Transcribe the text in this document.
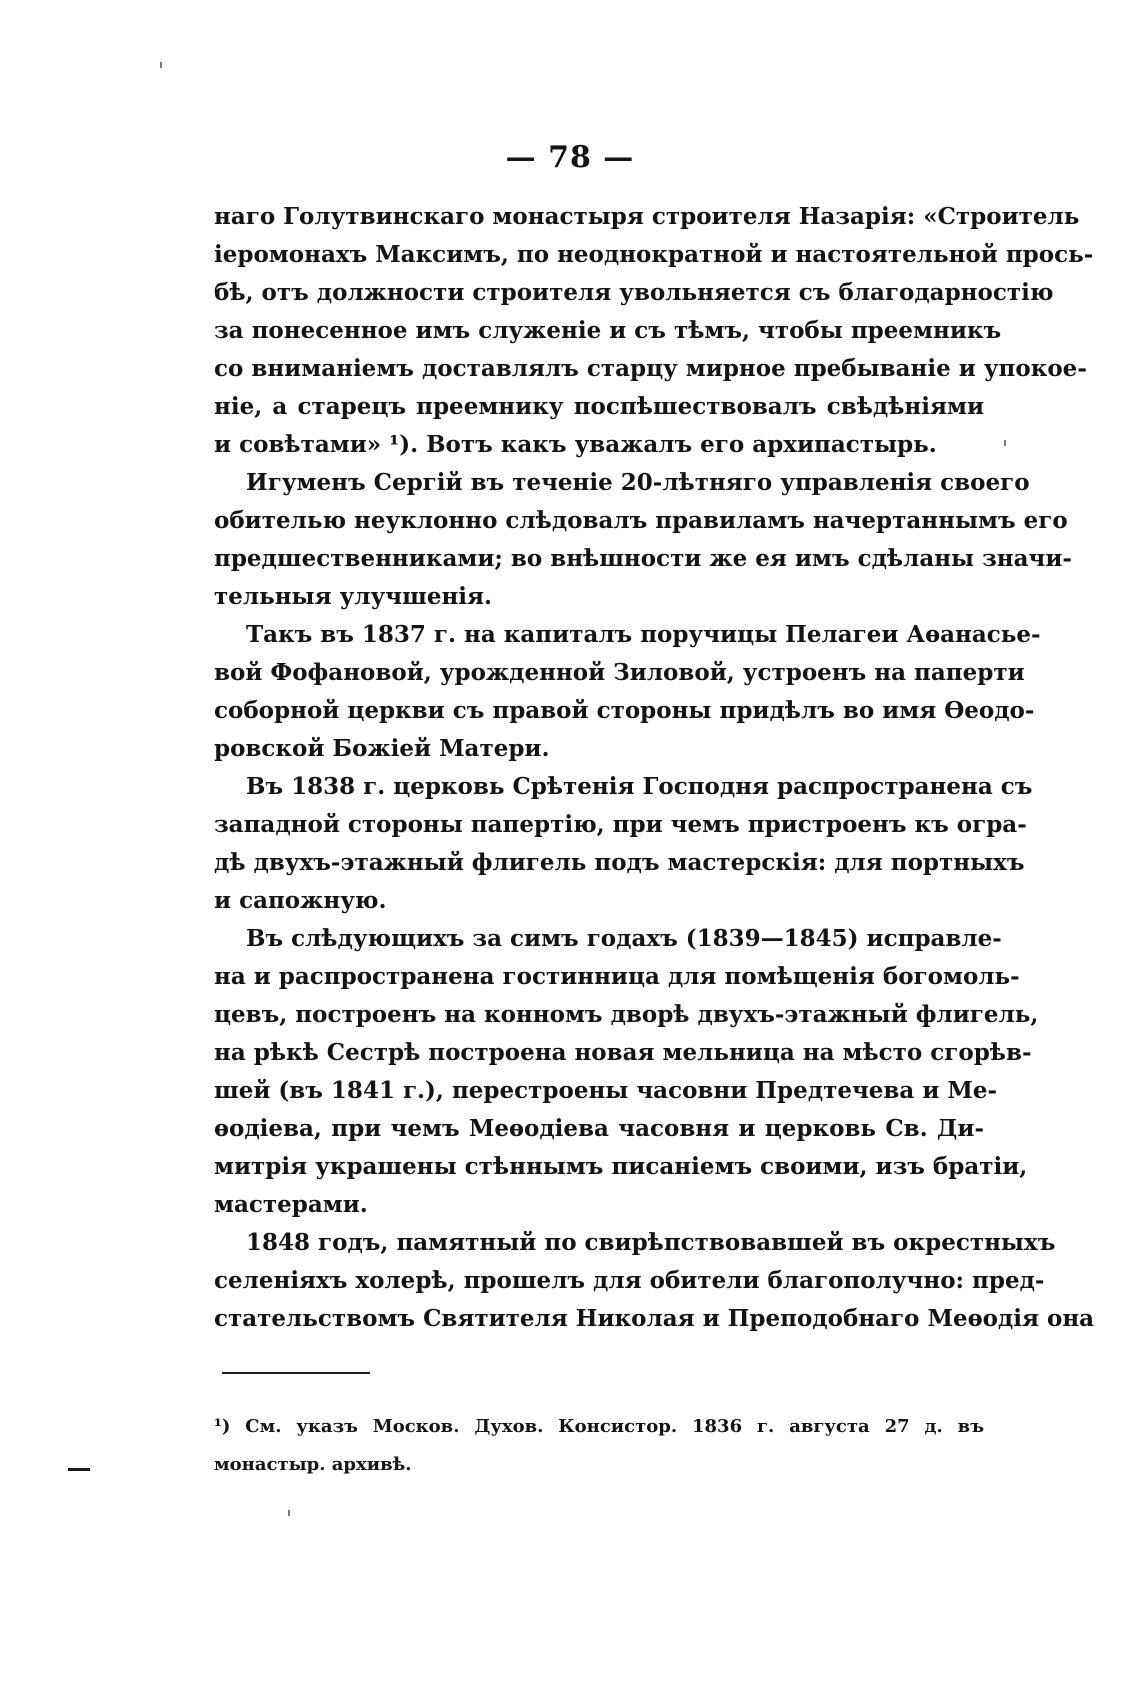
— 78 —
наго Голутвинскаго монастыря строителя Назарія: «Строитель
іеромонахъ Максимъ, по неоднократной и настоятельной прось-
бѣ, отъ должности строителя увольняется съ благодарностію
за понесенное имъ служеніе и съ тѣмъ, чтобы преемникъ
со вниманіемъ доставлялъ старцу мирное пребываніе и упокое-
ніе, а старецъ преемнику поспѣшествовалъ свѣдѣніями
и совѣтами» ¹). Вотъ какъ уважалъ его архипастырь.
Игуменъ Сергій въ теченіе 20-лѣтняго управленія своего
обителью неуклонно слѣдовалъ правиламъ начертаннымъ его
предшественниками; во внѣшности же ея имъ сдѣланы значи-
тельныя улучшенія.
Такъ въ 1837 г. на капиталъ поручицы Пелагеи Аѳанасье-
вой Фофановой, урожденной Зиловой, устроенъ на паперти
соборной церкви съ правой стороны придѣлъ во имя Ѳеодо-
ровской Божіей Матери.
Въ 1838 г. церковь Срѣтенія Господня распространена съ
западной стороны папертію, при чемъ пристроенъ къ огра-
дѣ двухъ-этажный флигель подъ мастерскія: для портныхъ
и сапожную.
Въ слѣдующихъ за симъ годахъ (1839—1845) исправле-
на и распространена гостинница для помѣщенія богомоль-
цевъ, построенъ на конномъ дворѣ двухъ-этажный флигель,
на рѣкѣ Сестрѣ построена новая мельница на мѣсто сгорѣв-
шей (въ 1841 г.), перестроены часовни Предтечева и Ме-
ѳодіева, при чемъ Меѳодіева часовня и церковь Св. Ди-
митрія украшены стѣннымъ писаніемъ своими, изъ братіи,
мастерами.
1848 годъ, памятный по свирѣпствовавшей въ окрестныхъ
селеніяхъ холерѣ, прошелъ для обители благополучно: пред-
стательствомъ Святителя Николая и Преподобнаго Меѳодія она
¹) См. указъ Москов. Духов. Консистор. 1836 г. августа 27 д. въ
монастыр. архивѣ.
